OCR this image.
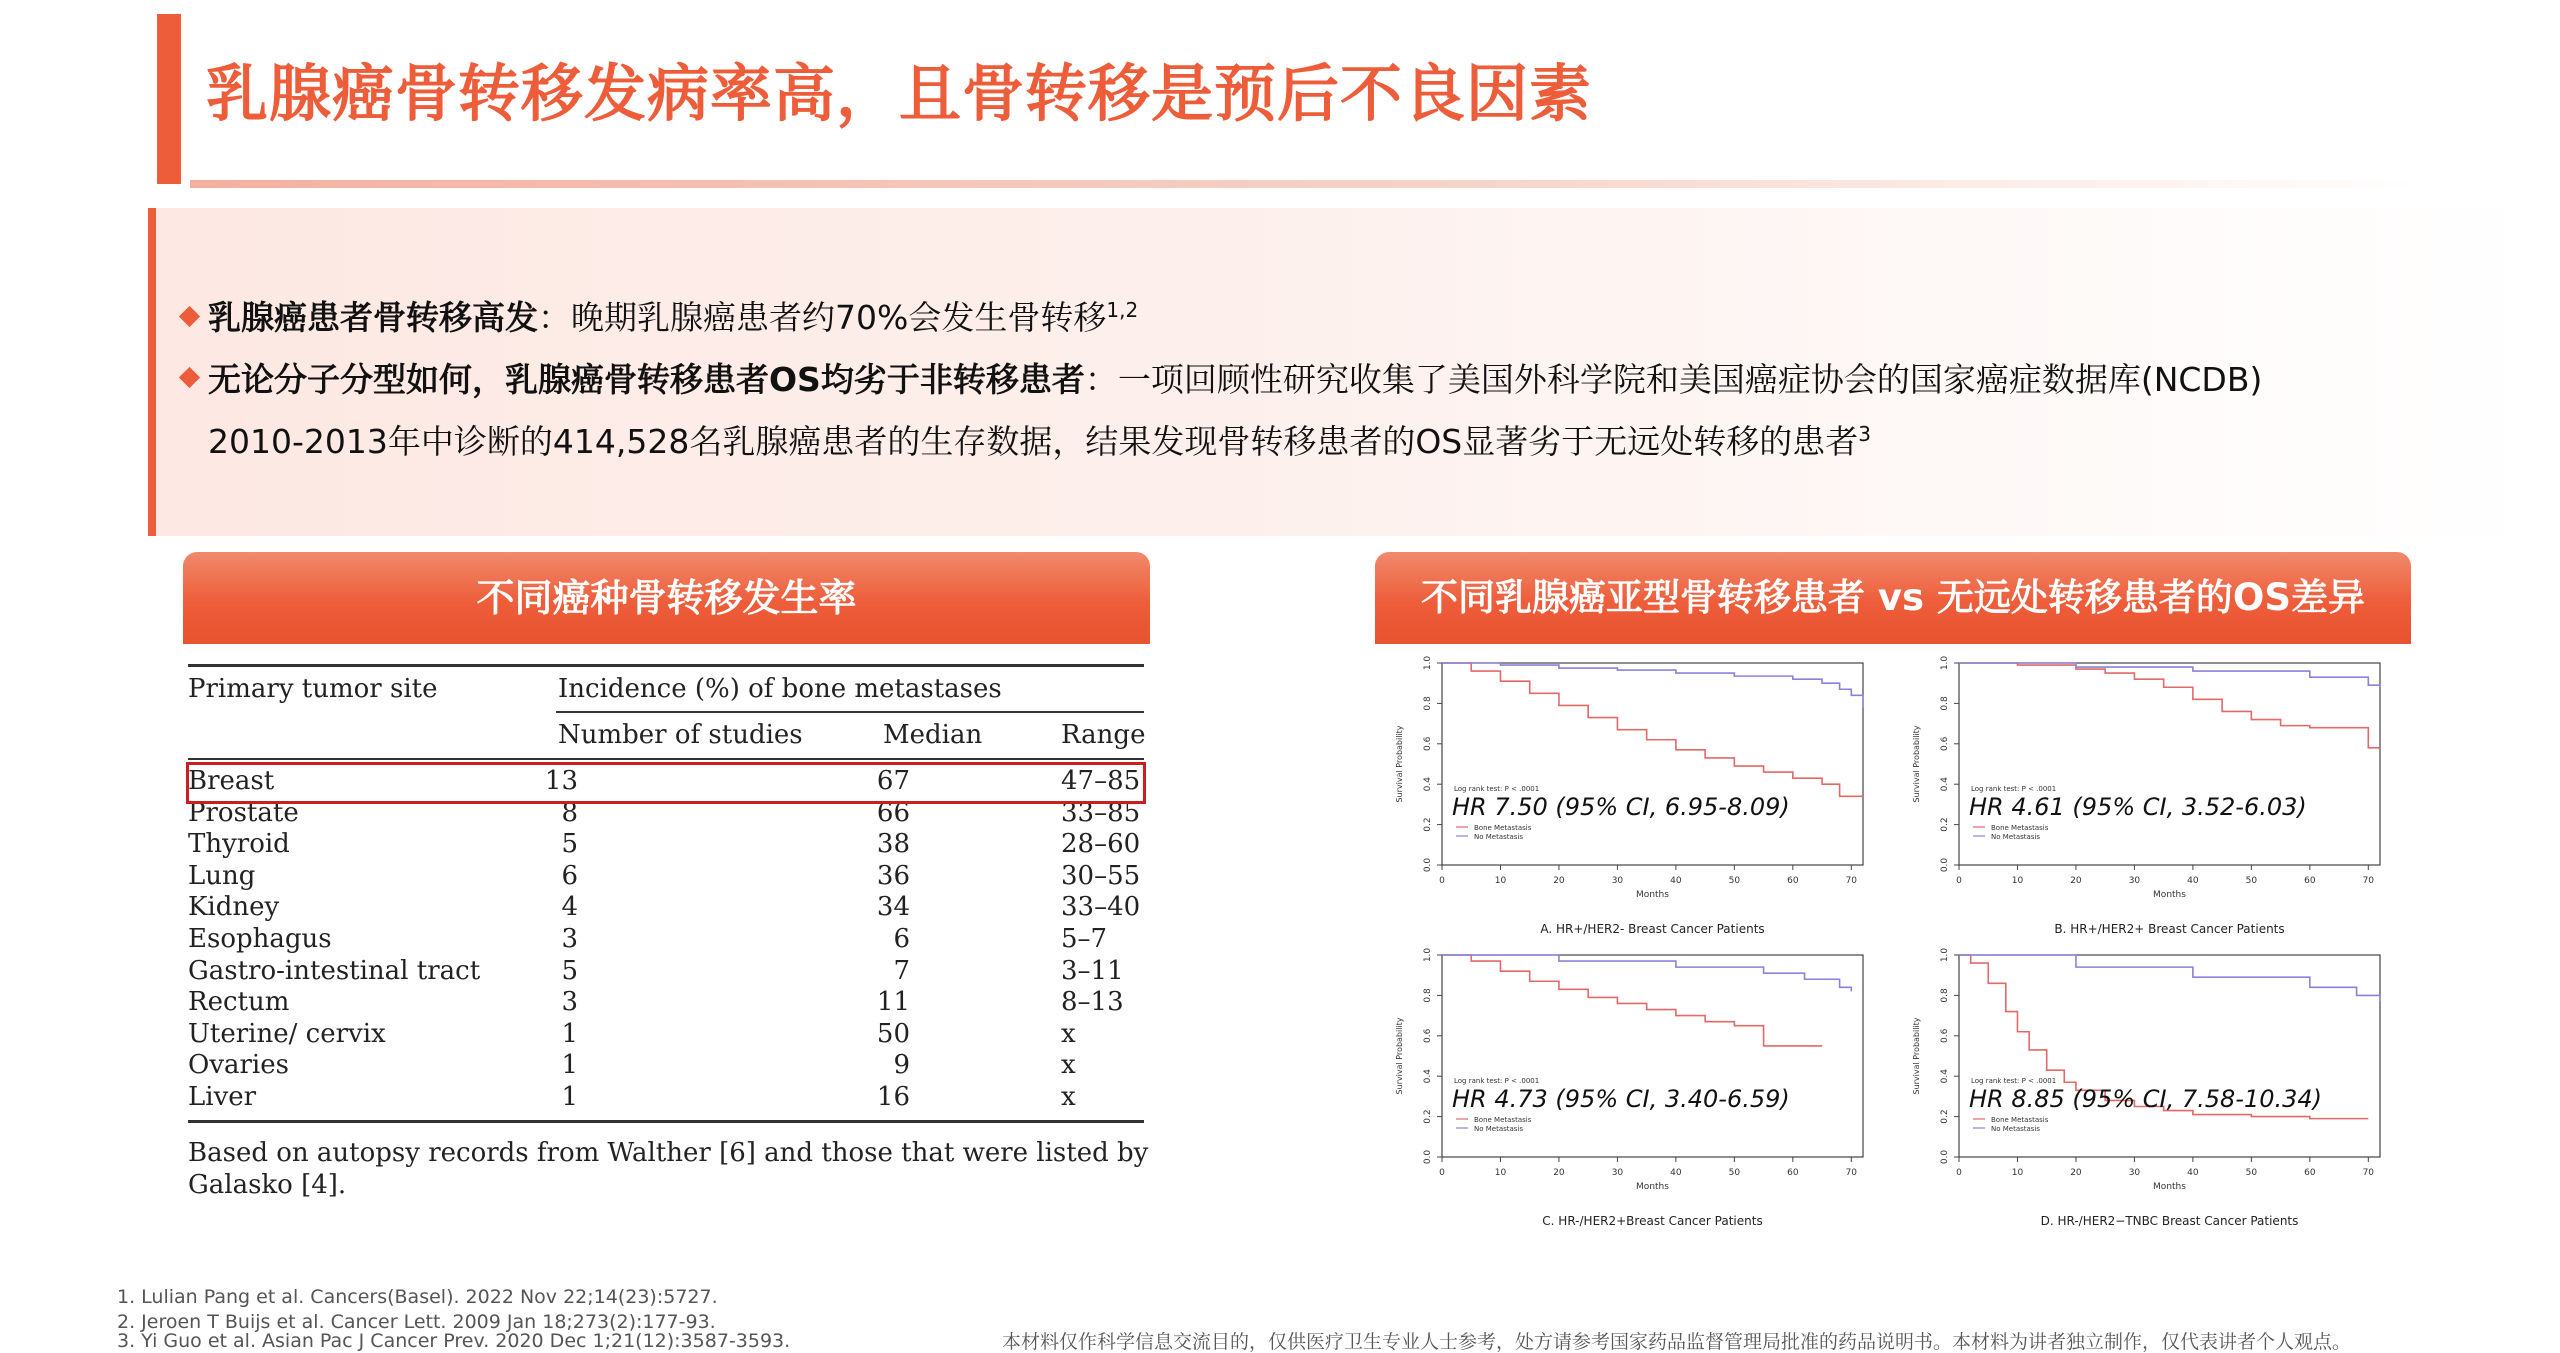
乳腺癌骨转移发病率高，且骨转移是预后不良因素
乳腺癌患者骨转移高发：晚期乳腺癌患者约70%会发生骨转移$^{1,2}$
无论分子分型如何，乳腺癌骨转移患者OS均劣于非转移患者：一项回顾性研究收集了美国外科学院和美国癌症协会的国家癌症数据库(NCDB)
2010-2013年中诊断的414,528名乳腺癌患者的生存数据，结果发现骨转移患者的OS显著劣于无远处转移的患者$^3$
不同癌种骨转移发生率
Primary tumor site	Incidence (%) of bone metastases
Number of studies	Median	Range
Breast	13	67	47–85
Prostate	8	66	33–85
Thyroid	5	38	28–60
Lung	6	36	30–55
Kidney	4	34	33–40
Esophagus	3	6	5–7
Gastro-intestinal tract	5	7	3–11
Rectum	3	11	8–13
Uterine/ cervix	1	50	x
Ovaries	1	9	x
Liver	1	16	x
Based on autopsy records from Walther [6] and those that were listed by
Galasko [4].
不同乳腺癌亚型骨转移患者 vs 无远处转移患者的OS差异
0	10	20	30	40	50	60	70
0.0
0.2
0.4
0.6
0.8
1.0
Months
Survival Probability	Log rank test: P < .0001
HR 7.50 (95% CI, 6.95-8.09)
Bone Metastasis
No Metastasis
A. HR+/HER2- Breast Cancer Patients
0	10	20	30	40	50	60	70
0.0
0.2
0.4
0.6
0.8
1.0
Months
Survival Probability	Log rank test: P < .0001
HR 4.61 (95% CI, 3.52-6.03)
Bone Metastasis
No Metastasis
B. HR+/HER2+ Breast Cancer Patients
0	10	20	30	40	50	60	70
0.0
0.2
0.4
0.6
0.8
1.0
Months
Survival Probability	Log rank test: P < .0001
HR 4.73 (95% CI, 3.40-6.59)
Bone Metastasis
No Metastasis
C. HR-/HER2+Breast Cancer Patients
0	10	20	30	40	50	60	70
0.0
0.2
0.4
0.6
0.8
1.0
Months
Survival Probability	Log rank test: P < .0001
HR 8.85 (95% CI, 7.58-10.34)
Bone Metastasis
No Metastasis
D. HR-/HER2−TNBC Breast Cancer Patients
1. Lulian Pang et al. Cancers(Basel). 2022 Nov 22;14(23):5727.
2. Jeroen T Buijs et al. Cancer Lett. 2009 Jan 18;273(2):177-93.
3. Yi Guo et al. Asian Pac J Cancer Prev. 2020 Dec 1;21(12):3587-3593.	本材料仅作科学信息交流目的，仅供医疗卫生专业人士参考，处方请参考国家药品监督管理局批准的药品说明书。本材料为讲者独立制作，仅代表讲者个人观点。
